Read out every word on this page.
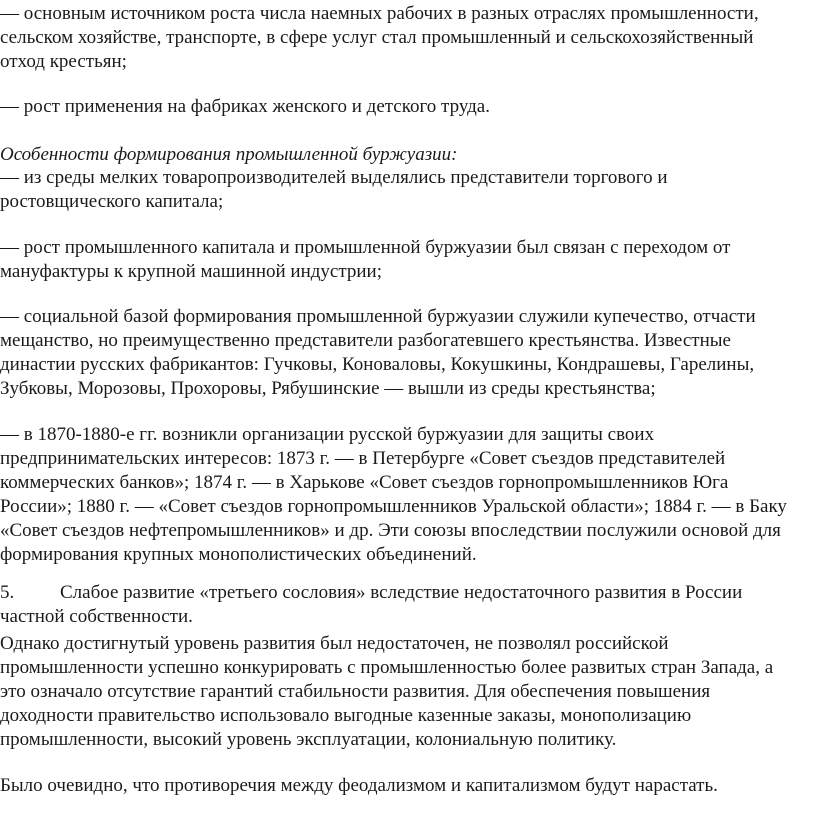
— основным источником роста числа наемных рабочих в разных отраслях промышленности, сельском хозяйстве, транспорте, в сфере услуг стал промышленный и сельскохозяйственный отход крестьян;

— рост применения на фабриках женского и детского труда.

Особенности формирования промышленной буржуазии:

— из среды мелких товаропроизводителей выделялись представители торгового и ростовщического капитала;

— рост промышленного капитала и промышленной буржуазии был связан с переходом от мануфактуры к крупной машинной индустрии;

— социальной базой формирования промышленной буржуазии служили купечество, отчасти мещанство, но преимущественно представители разбогатевшего крестьянства. Известные династии русских фабрикантов: Гучковы, Коноваловы, Кокушкины, Кондрашевы, Гарелины, Зубковы, Морозовы, Прохоровы, Рябушинские — вышли из среды крестьянства;

— в 1870-1880-е гг. возникли организации русской буржуазии для защиты своих предпринимательских интересов: 1873 г. — в Петербурге «Совет съездов представителей коммерческих банков»; 1874 г. — в Харькове «Совет съездов горнопромышленников Юга России»; 1880 г. — «Совет съездов горнопромышленников Уральской области»; 1884 г. — в Баку «Совет съездов нефтепромышленников» и др. Эти союзы впоследствии послужили основой для формирования крупных монополистических объединений.

5. Слабое развитие «третьего сословия» вследствие недостаточного развития в России частной собственности.

Однако достигнутый уровень развития был недостаточен, не позволял российской промышленности успешно конкурировать с промышленностью более развитых стран Запада, а это означало отсутствие гарантий стабильности развития. Для обеспечения повышения доходности правительство использовало выгодные казенные заказы, монополизацию промышленности, высокий уровень эксплуатации, колониальную политику.

Было очевидно, что противоречия между феодализмом и капитализмом будут нарастать.
